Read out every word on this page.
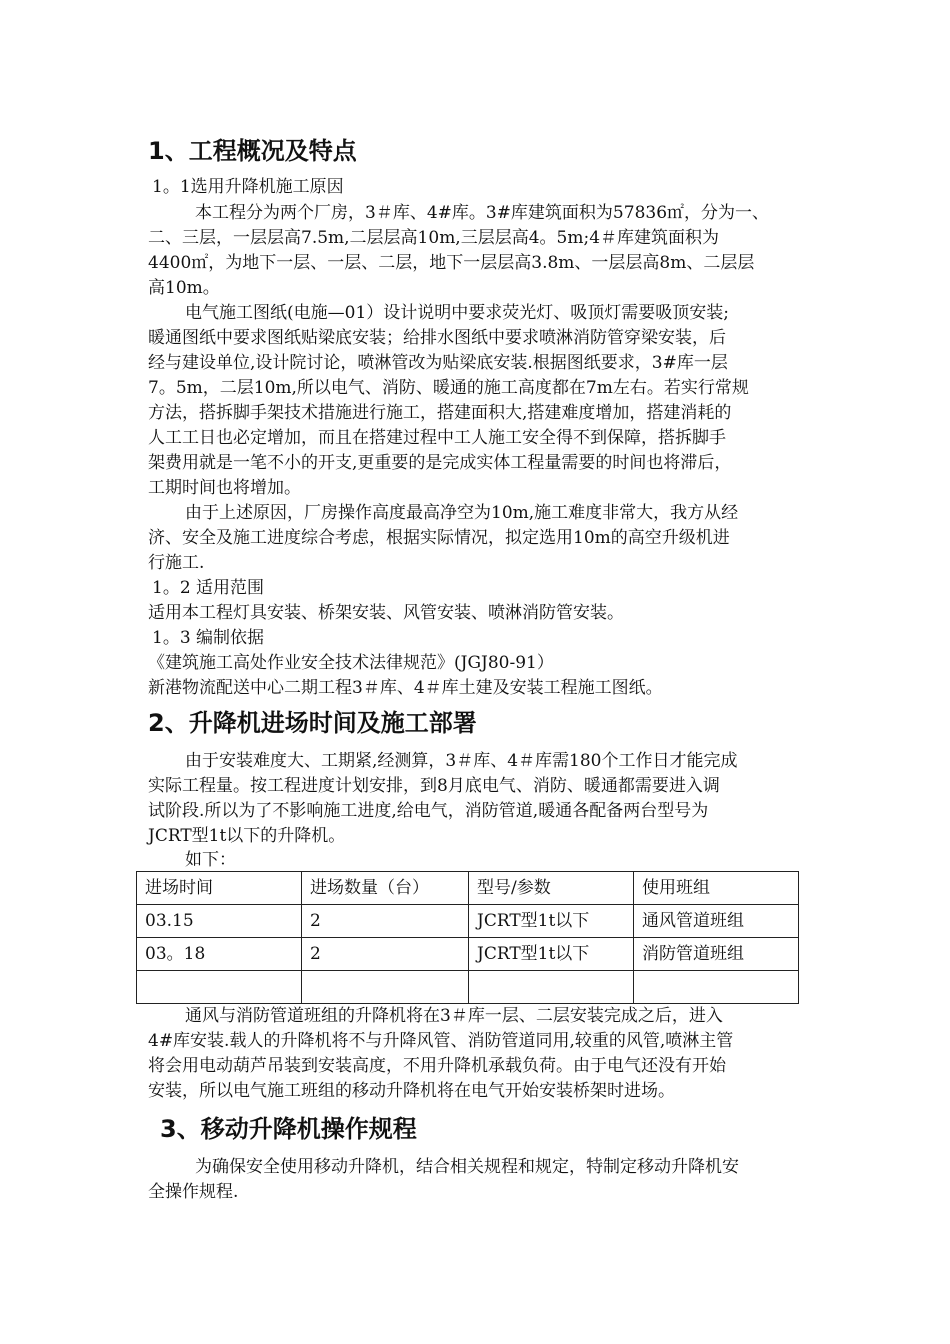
1、工程概况及特点
1。1选用升降机施工原因
本工程分为两个厂房，3＃库、4#库。3#库建筑面积为57836㎡，分为一、
二、三层，一层层高7.5m,二层层高10m,三层层高4。5m;4＃库建筑面积为
4400㎡，为地下一层、一层、二层，地下一层层高3.8m、一层层高8m、二层层
高10m。
电气施工图纸(电施—01）设计说明中要求荧光灯、吸顶灯需要吸顶安装;
暖通图纸中要求图纸贴梁底安装；给排水图纸中要求喷淋消防管穿梁安装，后
经与建设单位,设计院讨论，喷淋管改为贴梁底安装.根据图纸要求，3#库一层
7。5m，二层10m,所以电气、消防、暖通的施工高度都在7m左右。若实行常规
方法，搭拆脚手架技术措施进行施工，搭建面积大,搭建难度增加，搭建消耗的
人工工日也必定增加，而且在搭建过程中工人施工安全得不到保障，搭拆脚手
架费用就是一笔不小的开支,更重要的是完成实体工程量需要的时间也将滞后，
工期时间也将增加。
由于上述原因，厂房操作高度最高净空为10m,施工难度非常大，我方从经
济、安全及施工进度综合考虑，根据实际情况，拟定选用10m的高空升级机进
行施工.
1。2 适用范围
适用本工程灯具安装、桥架安装、风管安装、喷淋消防管安装。
1。3 编制依据
《建筑施工高处作业安全技术法律规范》(JGJ80-91）
新港物流配送中心二期工程3＃库、4＃库土建及安装工程施工图纸。
2、升降机进场时间及施工部署
由于安装难度大、工期紧,经测算，3＃库、4＃库需180个工作日才能完成
实际工程量。按工程进度计划安排，到8月底电气、消防、暖通都需要进入调
试阶段.所以为了不影响施工进度,给电气，消防管道,暖通各配备两台型号为
JCRT型1t以下的升降机。
如下：
进场时间	进场数量（台）	型号/参数	使用班组
03.15	2	JCRT型1t以下	通风管道班组
03。18	2	JCRT型1t以下	消防管道班组

通风与消防管道班组的升降机将在3＃库一层、二层安装完成之后，进入
4#库安装.载人的升降机将不与升降风管、消防管道同用,较重的风管,喷淋主管
将会用电动葫芦吊装到安装高度，不用升降机承载负荷。由于电气还没有开始
安装，所以电气施工班组的移动升降机将在电气开始安装桥架时进场。
3、移动升降机操作规程
为确保安全使用移动升降机，结合相关规程和规定，特制定移动升降机安
全操作规程.
